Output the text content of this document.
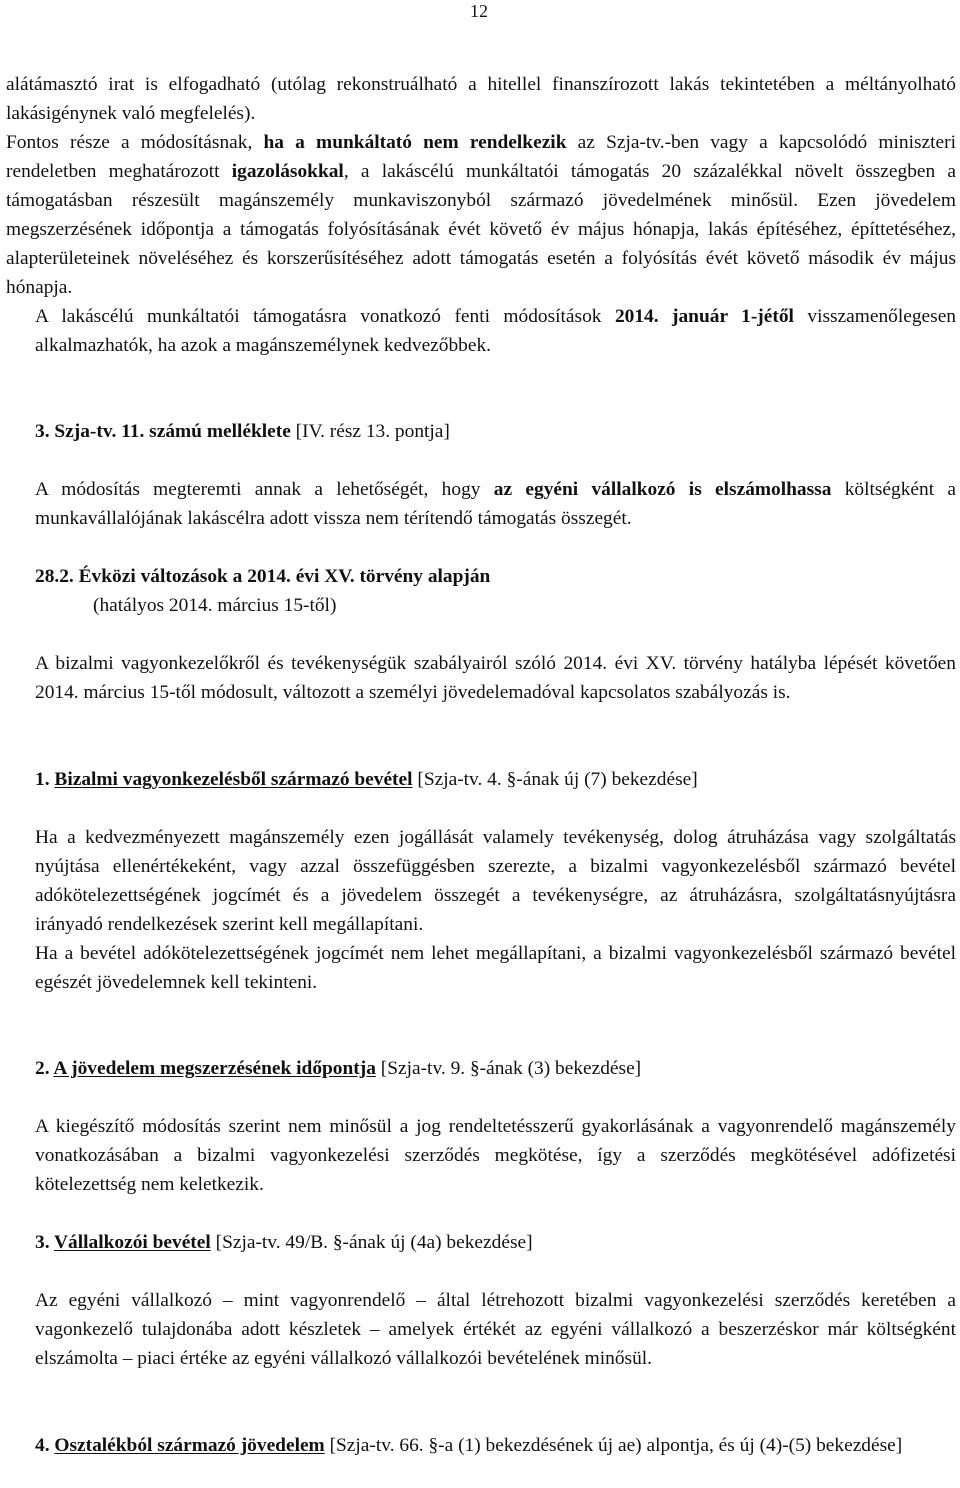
12

alátámasztó irat is elfogadható (utólag rekonstruálható a hitellel finanszírozott lakás tekintetében a méltányolható lakásigénynek való megfelelés).

Fontos része a módosításnak, ha a munkáltató nem rendelkezik az Szja-tv.-ben vagy a kapcsolódó miniszteri rendeletben meghatározott igazolásokkal, a lakáscélú munkáltatói támogatás 20 százalékkal növelt összegben a támogatásban részesült magánszemély munkaviszonyból származó jövedelmének minősül. Ezen jövedelem megszerzésének időpontja a támogatás folyósításának évét követő év május hónapja, lakás építéséhez, építtetéséhez, alapterületeinek növeléséhez és korszerűsítéséhez adott támogatás esetén a folyósítás évét követő második év május hónapja.

A lakáscélú munkáltatói támogatásra vonatkozó fenti módosítások 2014. január 1-jétől visszamenőlegesen alkalmazhatók, ha azok a magánszemélynek kedvezőbbek.

3. Szja-tv. 11. számú melléklete [IV. rész 13. pontja]

A módosítás megteremti annak a lehetőségét, hogy az egyéni vállalkozó is elszámolhassa költségként a munkavállalójának lakáscélra adott vissza nem térítendő támogatás összegét.

28.2. Évközi változások a 2014. évi XV. törvény alapján

(hatályos 2014. március 15-től)

A bizalmi vagyonkezelőkről és tevékenységük szabályairól szóló 2014. évi XV. törvény hatályba lépését követően 2014. március 15-től módosult, változott a személyi jövedelemadóval kapcsolatos szabályozás is.

1. Bizalmi vagyonkezelésből származó bevétel [Szja-tv. 4. §-ának új (7) bekezdése]

Ha a kedvezményezett magánszemély ezen jogállását valamely tevékenység, dolog átruházása vagy szolgáltatás nyújtása ellenértékeként, vagy azzal összefüggésben szerezte, a bizalmi vagyonkezelésből származó bevétel adókötelezettségének jogcímét és a jövedelem összegét a tevékenységre, az átruházásra, szolgáltatásnyújtásra irányadó rendelkezések szerint kell megállapítani.

Ha a bevétel adókötelezettségének jogcímét nem lehet megállapítani, a bizalmi vagyonkezelésből származó bevétel egészét jövedelemnek kell tekinteni.

2. A jövedelem megszerzésének időpontja [Szja-tv. 9. §-ának (3) bekezdése]

A kiegészítő módosítás szerint nem minősül a jog rendeltetésszerű gyakorlásának a vagyonrendelő magánszemély vonatkozásában a bizalmi vagyonkezelési szerződés megkötése, így a szerződés megkötésével adófizetési kötelezettség nem keletkezik.

3. Vállalkozói bevétel [Szja-tv. 49/B. §-ának új (4a) bekezdése]

Az egyéni vállalkozó – mint vagyonrendelő – által létrehozott bizalmi vagyonkezelési szerződés keretében a vagonkezelő tulajdonába adott készletek – amelyek értékét az egyéni vállalkozó a beszerzéskor már költségként elszámolta – piaci értéke az egyéni vállalkozó vállalkozói bevételének minősül.

4. Osztalékból származó jövedelem [Szja-tv. 66. §-a (1) bekezdésének új ae) alpontja, és új (4)-(5) bekezdése]
